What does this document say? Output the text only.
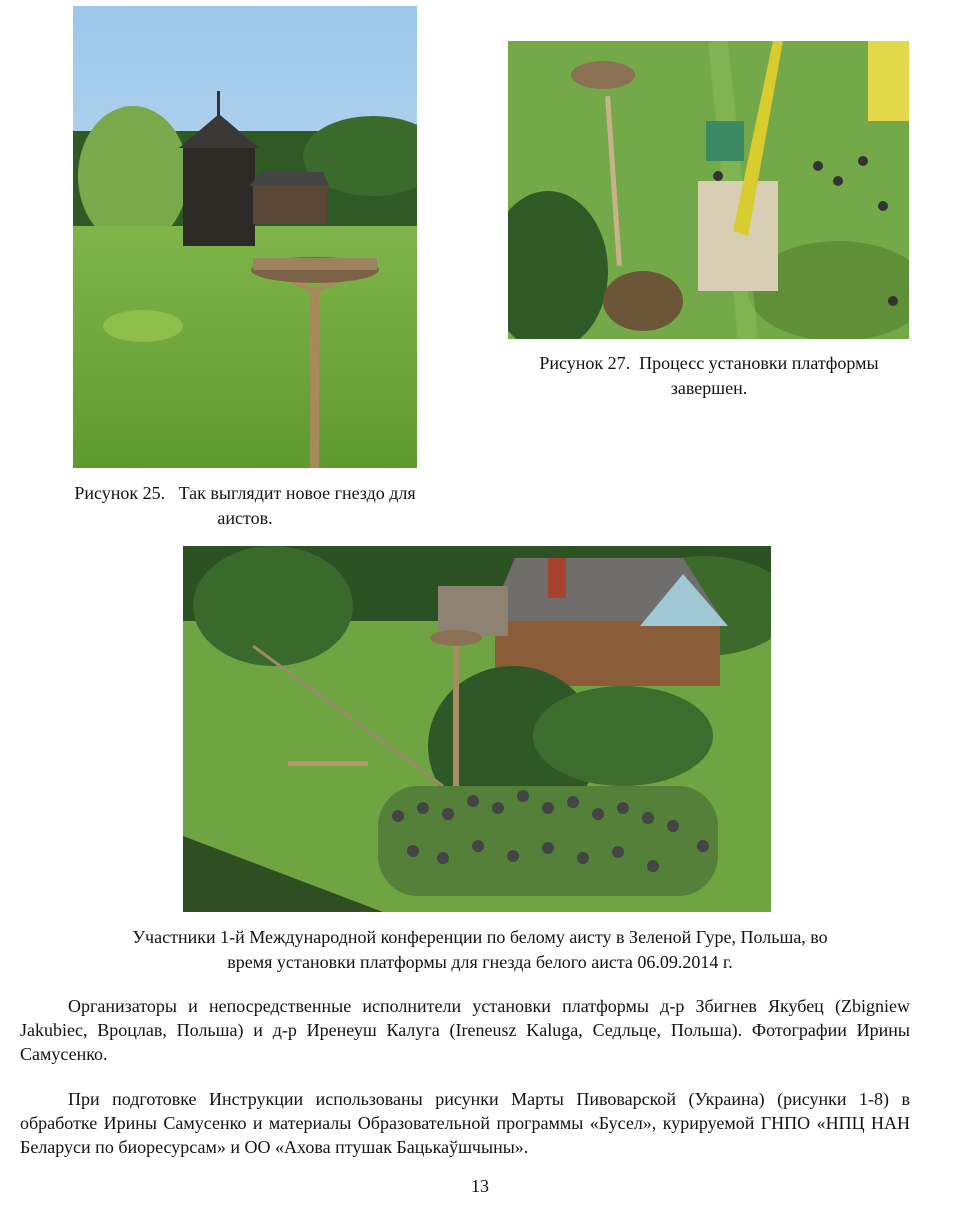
Рисунок 25.   Так выглядит новое гнездо для
аистов.

Рисунок 27.  Процесс установки платформы
завершен.

Участники 1-й Международной конференции по белому аисту в Зеленой Гуре, Польша, во
время установки платформы для гнезда белого аиста 06.09.2014 г.

Организаторы и непосредственные исполнители установки платформы д-р Збигнев Якубец (Zbigniew Jakubiec, Вроцлав, Польша) и д-р Иренеуш Калуга (Ireneusz Kaluga, Седльце, Польша). Фотографии Ирины Самусенко.

При подготовке Инструкции использованы рисунки Марты Пивоварской (Украина) (рисунки 1-8) в обработке Ирины Самусенко и материалы Образовательной программы «Бусел», курируемой ГНПО «НПЦ НАН Беларуси по биоресурсам» и ОО «Ахова птушак Бацькаўшчыны».

13
